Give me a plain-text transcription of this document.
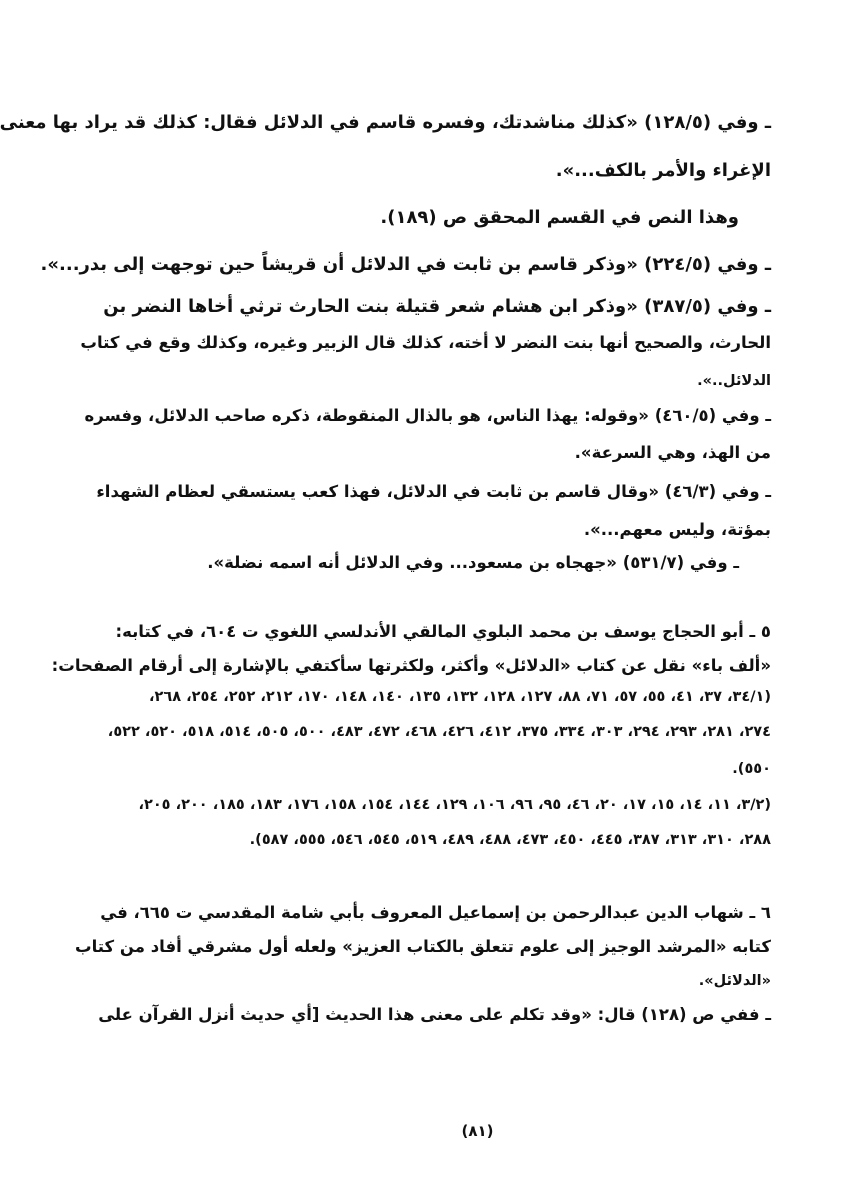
ـ وفي (١٢٨/٥) «كذلك مناشدتك، وفسره قاسم في الدلائل فقال: كذلك قد يراد بها معنى
الإغراء والأمر بالكف...».
وهذا النص في القسم المحقق ص (١٨٩).
ـ وفي (٢٢٤/٥) «وذكر قاسم بن ثابت في الدلائل أن قريشاً حين توجهت إلى بدر...».
ـ وفي (٣٨٧/٥) «وذكر ابن هشام شعر قتيلة بنت الحارث ترثي أخاها النضر بن
الحارث، والصحيح أنها بنت النضر لا أخته، كذلك قال الزبير وغيره، وكذلك وقع في كتاب
الدلائل..».
ـ وفي (٤٦٠/٥) «وقوله: يهذا الناس، هو بالذال المنقوطة، ذكره صاحب الدلائل، وفسره
من الهذ، وهي السرعة».
ـ وفي (٤٦/٣) «وقال قاسم بن ثابت في الدلائل، فهذا كعب يستسقي لعظام الشهداء
بمؤتة، وليس معهم...».
ـ وفي (٥٣١/٧) «جهجاه بن مسعود... وفي الدلائل أنه اسمه نضلة».
٥ ـ أبو الحجاج يوسف بن محمد البلوي المالقي الأندلسي اللغوي ت ٦٠٤، في كتابه:
«ألف باء» نقل عن كتاب «الدلائل» وأكثر، ولكثرتها سأكتفي بالإشارة إلى أرقام الصفحات:
(٣٤/١، ٣٧، ٤١، ٥٥، ٥٧، ٧١، ٨٨، ١٢٧، ١٢٨، ١٣٢، ١٣٥، ١٤٠، ١٤٨، ١٧٠، ٢١٢، ٢٥٢، ٢٥٤، ٢٦٨،
٢٧٤، ٢٨١، ٢٩٣، ٢٩٤، ٣٠٣، ٣٣٤، ٣٧٥، ٤١٢، ٤٢٦، ٤٦٨، ٤٧٢، ٤٨٣، ٥٠٠، ٥٠٥، ٥١٤، ٥١٨، ٥٢٠، ٥٢٢،
٥٥٠).
(٣/٢، ١١، ١٤، ١٥، ١٧، ٢٠، ٤٦، ٩٥، ٩٦، ١٠٦، ١٢٩، ١٤٤، ١٥٤، ١٥٨، ١٧٦، ١٨٣، ١٨٥، ٢٠٠، ٢٠٥،
٢٨٨، ٣١٠، ٣١٣، ٣٨٧، ٤٤٥، ٤٥٠، ٤٧٣، ٤٨٨، ٤٨٩، ٥١٩، ٥٤٥، ٥٤٦، ٥٥٥، ٥٨٧).
٦ ـ شهاب الدين عبدالرحمن بن إسماعيل المعروف بأبي شامة المقدسي ت ٦٦٥، في
كتابه «المرشد الوجيز إلى علوم تتعلق بالكتاب العزيز» ولعله أول مشرقي أفاد من كتاب
«الدلائل».
ـ ففي ص (١٢٨) قال: «وقد تكلم على معنى هذا الحديث [أي حديث أنزل القرآن على
(٨١)
